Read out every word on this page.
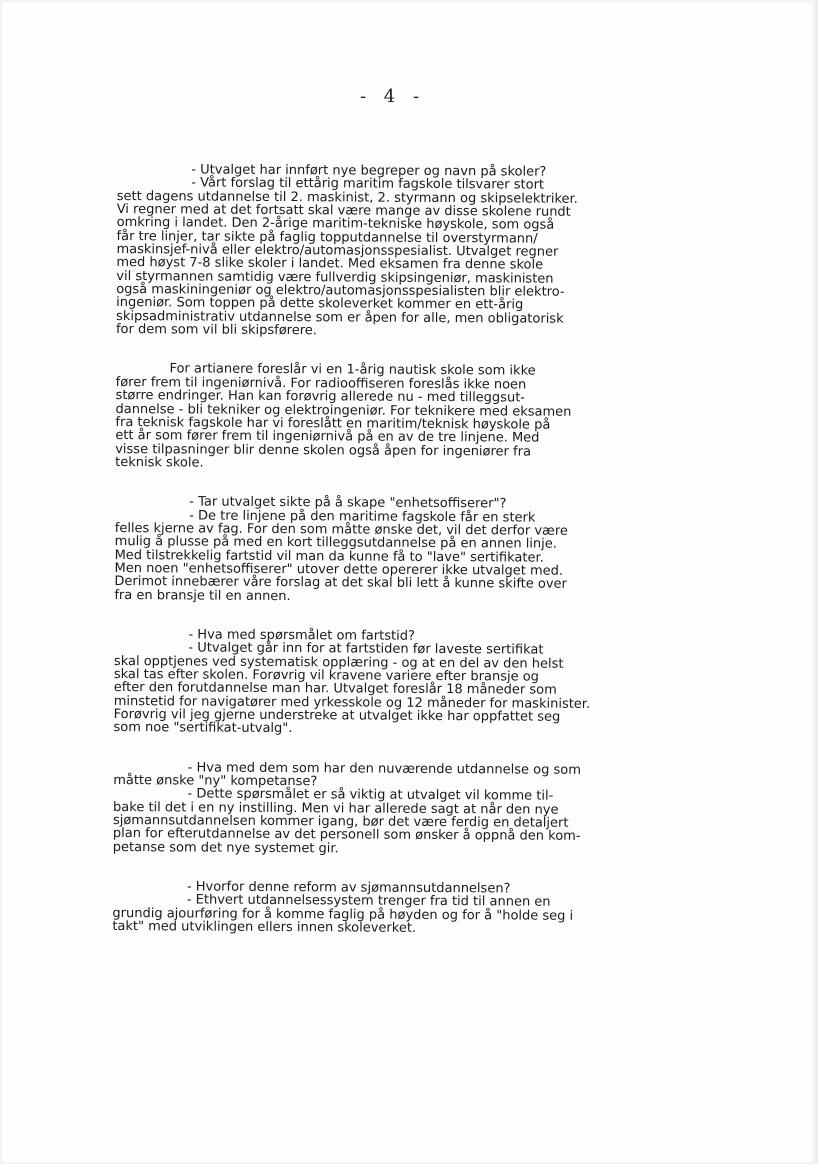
- 4 -
- Utvalget har innført nye begreper og navn på skoler?
- Vårt forslag til ettårig maritim fagskole tilsvarer stort
sett dagens utdannelse til 2. maskinist, 2. styrmann og skipselektriker.
Vi regner med at det fortsatt skal være mange av disse skolene rundt
omkring i landet. Den 2-årige maritim-tekniske høyskole, som også
får tre linjer, tar sikte på faglig topputdannelse til overstyrmann/
maskinsjef-nivå eller elektro/automasjonsspesialist. Utvalget regner
med høyst 7-8 slike skoler i landet. Med eksamen fra denne skole
vil styrmannen samtidig være fullverdig skipsingeniør, maskinisten
også maskiningeniør og elektro/automasjonsspesialisten blir elektro-
ingeniør. Som toppen på dette skoleverket kommer en ett-årig
skipsadministrativ utdannelse som er åpen for alle, men obligatorisk
for dem som vil bli skipsførere.
For artianere foreslår vi en 1-årig nautisk skole som ikke
fører frem til ingeniørnivå. For radiooffiseren foreslås ikke noen
større endringer. Han kan forøvrig allerede nu - med tilleggsut-
dannelse - bli tekniker og elektroingeniør. For teknikere med eksamen
fra teknisk fagskole har vi foreslått en maritim/teknisk høyskole på
ett år som fører frem til ingeniørnivå på en av de tre linjene. Med
visse tilpasninger blir denne skolen også åpen for ingeniører fra
teknisk skole.
- Tar utvalget sikte på å skape "enhetsoffiserer"?
- De tre linjene på den maritime fagskole får en sterk
felles kjerne av fag. For den som måtte ønske det, vil det derfor være
mulig å plusse på med en kort tilleggsutdannelse på en annen linje.
Med tilstrekkelig fartstid vil man da kunne få to "lave" sertifikater.
Men noen "enhetsoffiserer" utover dette opererer ikke utvalget med.
Derimot innebærer våre forslag at det skal bli lett å kunne skifte over
fra en bransje til en annen.
- Hva med spørsmålet om fartstid?
- Utvalget går inn for at fartstiden før laveste sertifikat
skal opptjenes ved systematisk opplæring - og at en del av den helst
skal tas efter skolen. Forøvrig vil kravene variere efter bransje og
efter den forutdannelse man har. Utvalget foreslår 18 måneder som
minstetid for navigatører med yrkesskole og 12 måneder for maskinister.
Forøvrig vil jeg gjerne understreke at utvalget ikke har oppfattet seg
som noe "sertifikat-utvalg".
- Hva med dem som har den nuværende utdannelse og som
måtte ønske "ny" kompetanse?
- Dette spørsmålet er så viktig at utvalget vil komme til-
bake til det i en ny instilling. Men vi har allerede sagt at når den nye
sjømannsutdannelsen kommer igang, bør det være ferdig en detaljert
plan for efterutdannelse av det personell som ønsker å oppnå den kom-
petanse som det nye systemet gir.
- Hvorfor denne reform av sjømannsutdannelsen?
- Ethvert utdannelsessystem trenger fra tid til annen en
grundig ajourføring for å komme faglig på høyden og for å "holde seg i
takt" med utviklingen ellers innen skoleverket.
